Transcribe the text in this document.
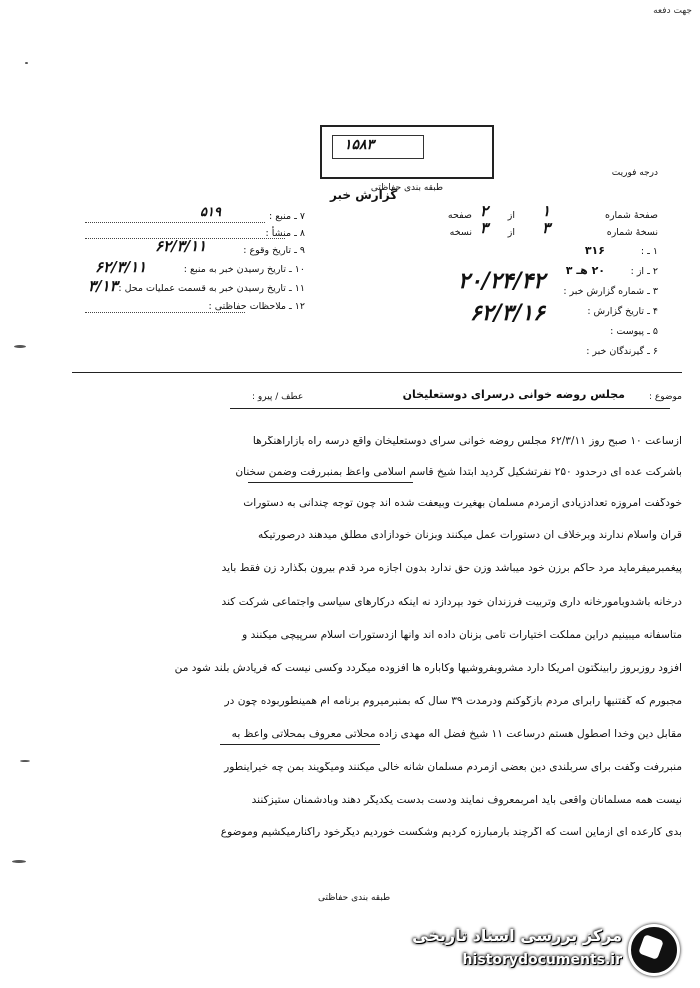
جهت دفعه
۱۵۸۳
طبقه بندی حفاظتی
درجه فوریت
گزارش خبر
صفحهٔ شماره
۱
از
۲
صفحه
نسخهٔ شماره
۳
از
۳
نسخه
۱ ـ :
۳۱۶
۲ ـ از :
۲۰ هـ ۳
۳ ـ شماره گزارش خبر :
۲۰/۲۴/۴۲
۴ ـ تاریخ گزارش :
۶۲/۳/۱۶
۵ ـ پیوست :
۶ ـ گیرندگان خبر :
۷ ـ منبع :
۵۱۹
۸ ـ منشأ :
۹ ـ تاریخ وقوع :
۶۲/۳/۱۱
۱۰ ـ تاریخ رسیدن خبر به منبع :
۶۲/۳/۱۱
۱۱ ـ تاریخ رسیدن خبر به قسمت عملیات محل :
۳/۱۳
۱۲ ـ ملاحظات حفاظتی :
موضوع :
مجلس روضه خوانی درسرای دوستعلیخان
عطف / پیرو :
ازساعت ۱۰ صبح روز ۶۲/۳/۱۱ مجلس روضه خوانی سرای دوستعلیخان واقع درسه راه بازارآهنگرها
باشرکت عده ای درحدود ۲۵۰ نفرتشکیل گردید ابتدا شیخ قاسم اسلامی واعظ بمنبررفت وضمن سخنان
خودگفت امروزه تعدادزیادی ازمردم مسلمان بهغیرت وبیعفت شده اند چون توجه چندانی به دستورات
قران واسلام ندارند وبرخلاف آن دستورات عمل میکنند وبزنان خودآزادی مطلق میدهند درصورتیکه
پیغمبرمیفرماید مرد حاکم برزن خود میباشد وزن حق ندارد بدون اجازه مرد قدم بیرون بگذارد زن فقط باید
درخانه باشدوبامورخانه داری وتربیت فرزندان خود بپردازد نه اینکه درکارهای سیاسی واجتماعی شرکت کند
متاسفانه میبینیم دراین مملکت اختیارات تامی بزنان داده اند وآنها ازدستورات اسلام سرپیچی میکنند و
افزود روزبروز رابینگتون آمریکا دارد مشروبفروشیها وکاباره ها افزوده میگردد وکسی نیست که فریادش بلند شود من
مجبورم که گفتنیها رابرای مردم بازگوکنم ودرمدت ۳۹ سال که بمنبرمیروم برنامه ام همینطوربوده چون در
مقابل دین وخدا اصطول هستم درساعت ۱۱ شیخ فضل اله مهدی زاده محلاتی معروف بمحلاتی واعظ به
منبررفت وگفت برای سربلندی دین بعضی ازمردم مسلمان شانه خالی میکنند ومیگویند بمن چه خیراینطور
نیست همه مسلمانان واقعی باید امربمعروف نمایند ودست بدست یکدیگر دهند وبادشمنان ستیزکنند
بدی کارعده ای ازماین است که اگرچند بارمبارزه کردیم وشکست خوردیم دیگرخود راکنارمیکشیم وموضوع
طبقه بندی حفاظتی
مرکز بررسی اسناد تاریخی
historydocuments.ir
